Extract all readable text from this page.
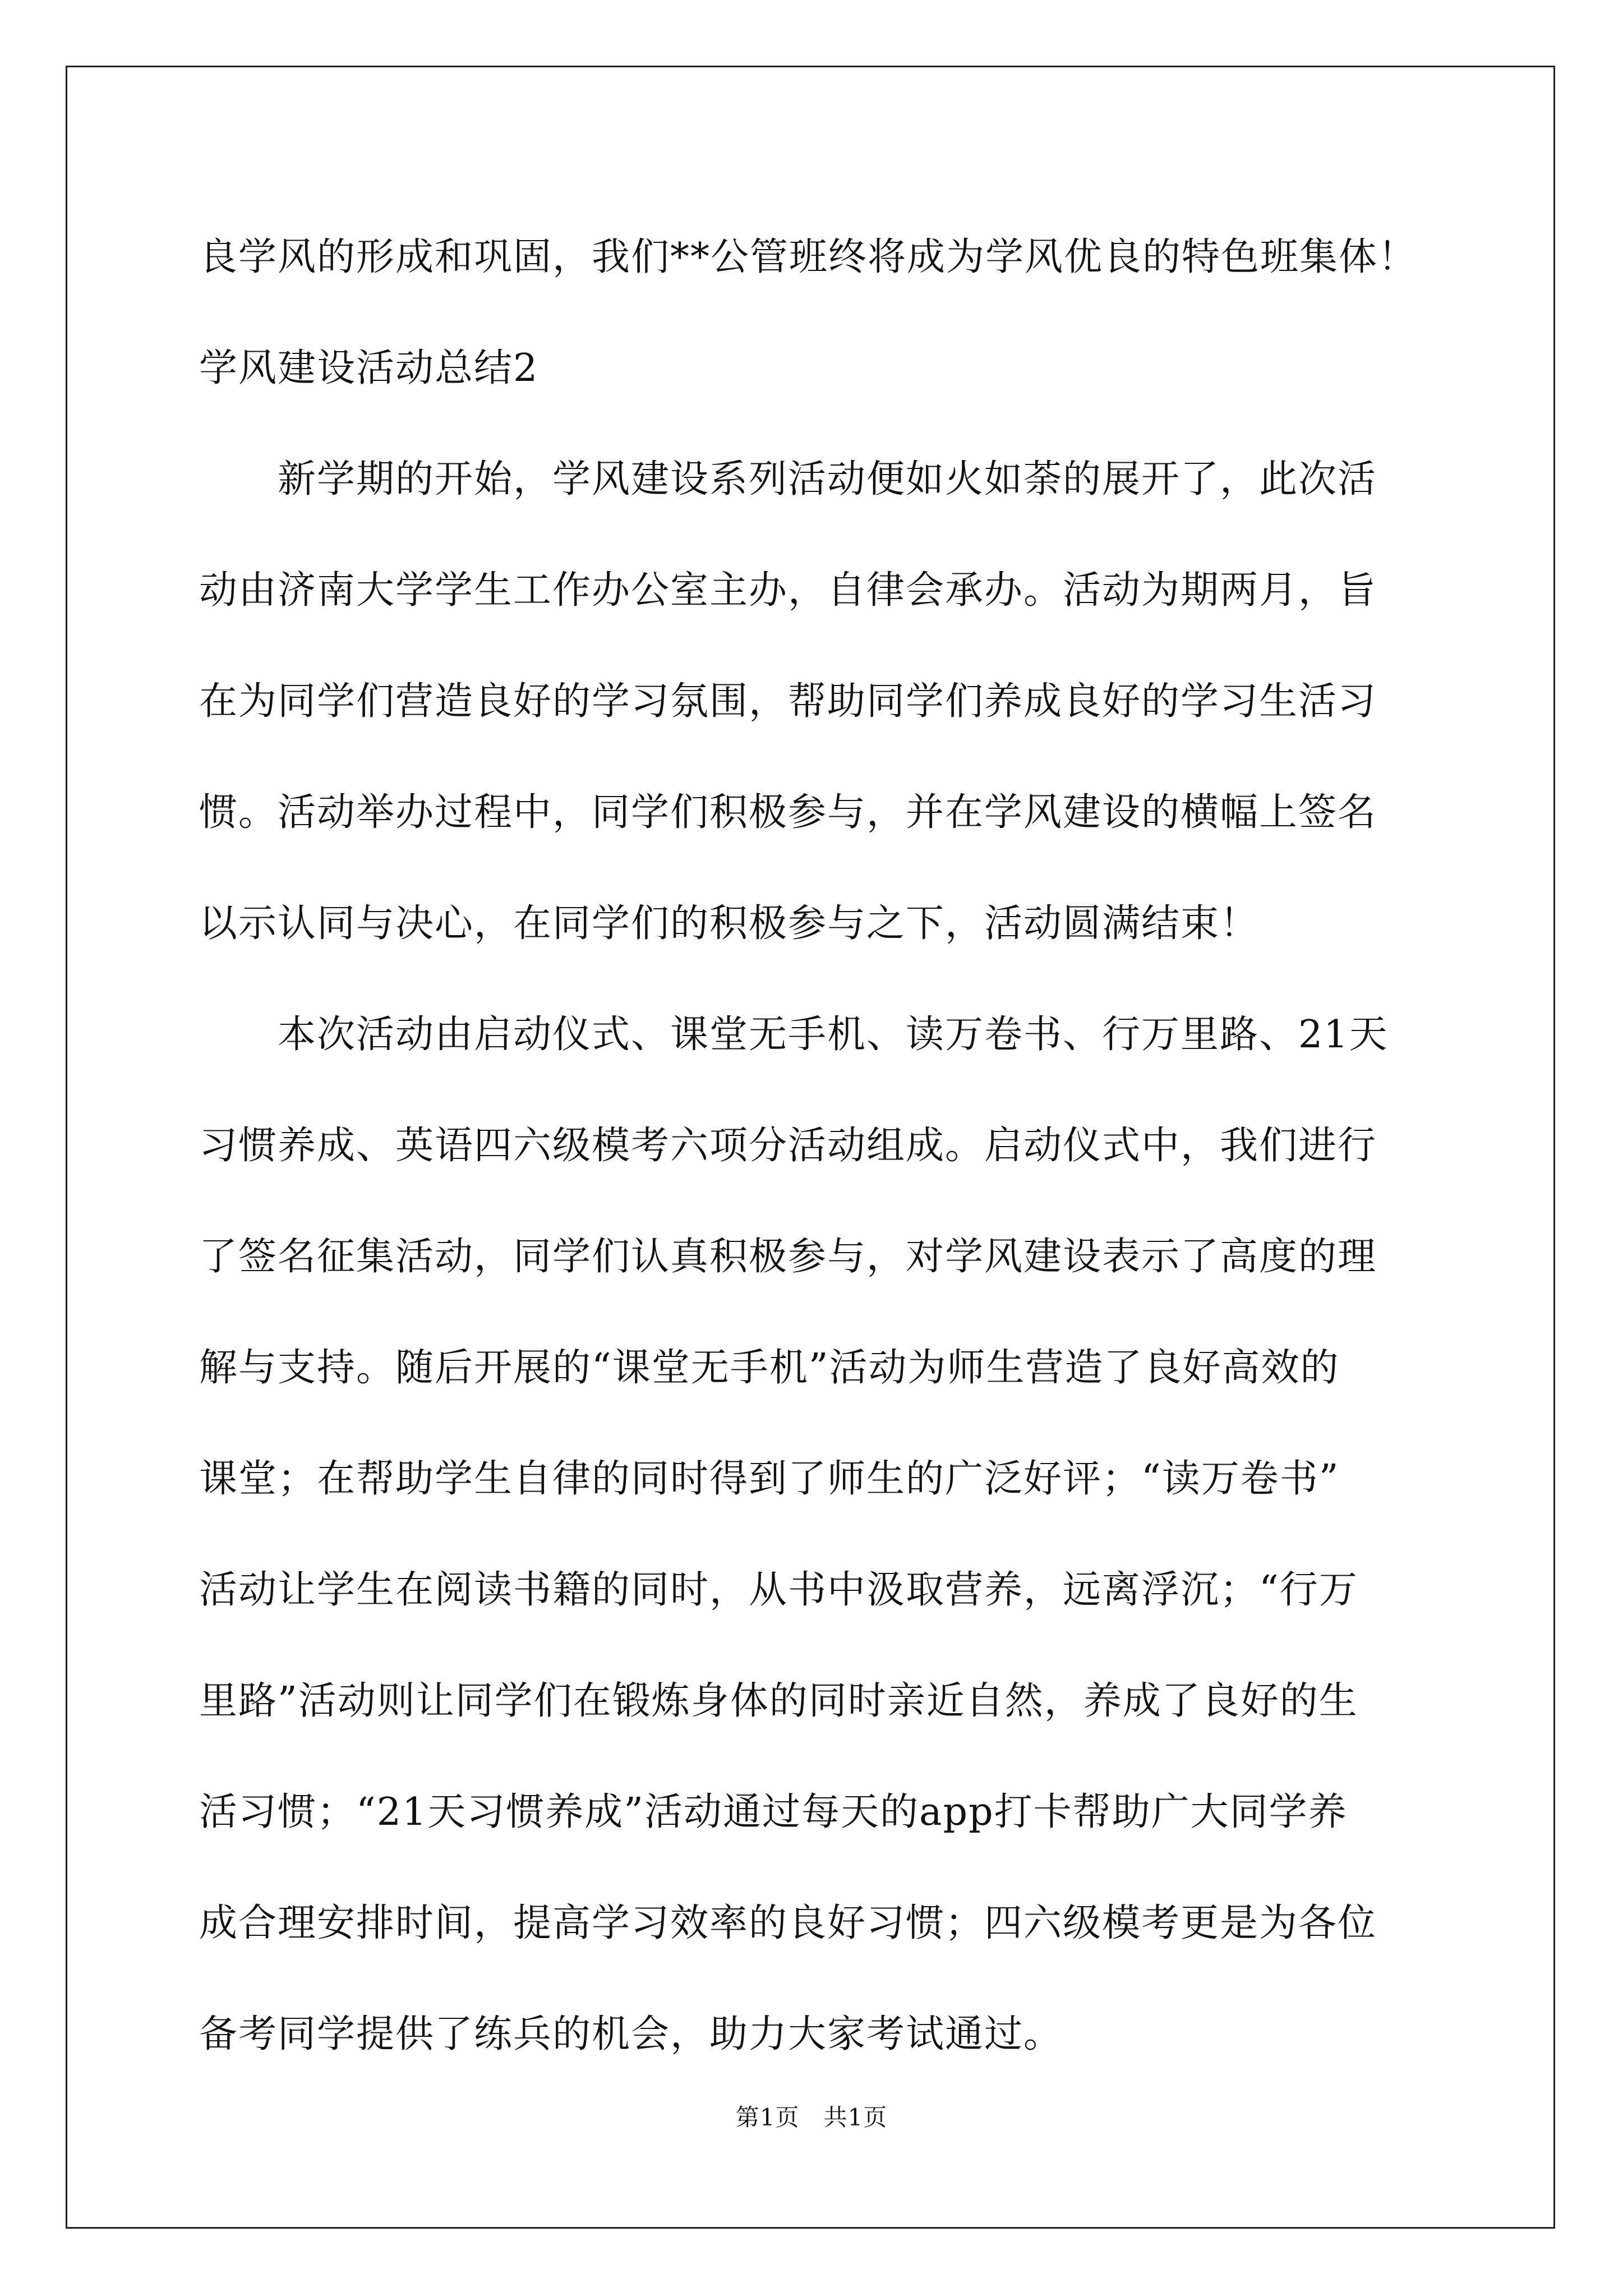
良学风的形成和巩固，我们**公管班终将成为学风优良的特色班集体！
学风建设活动总结2
　　新学期的开始，学风建设系列活动便如火如荼的展开了，此次活
动由济南大学学生工作办公室主办，自律会承办。活动为期两月，旨
在为同学们营造良好的学习氛围，帮助同学们养成良好的学习生活习
惯。活动举办过程中，同学们积极参与，并在学风建设的横幅上签名
以示认同与决心，在同学们的积极参与之下，活动圆满结束！
　　本次活动由启动仪式、课堂无手机、读万卷书、行万里路、21天
习惯养成、英语四六级模考六项分活动组成。启动仪式中，我们进行
了签名征集活动，同学们认真积极参与，对学风建设表示了高度的理
解与支持。随后开展的“课堂无手机”活动为师生营造了良好高效的
课堂；在帮助学生自律的同时得到了师生的广泛好评；“读万卷书”
活动让学生在阅读书籍的同时，从书中汲取营养，远离浮沉；“行万
里路”活动则让同学们在锻炼身体的同时亲近自然，养成了良好的生
活习惯；“21天习惯养成”活动通过每天的app打卡帮助广大同学养
成合理安排时间，提高学习效率的良好习惯；四六级模考更是为各位
备考同学提供了练兵的机会，助力大家考试通过。
第1页　共1页
